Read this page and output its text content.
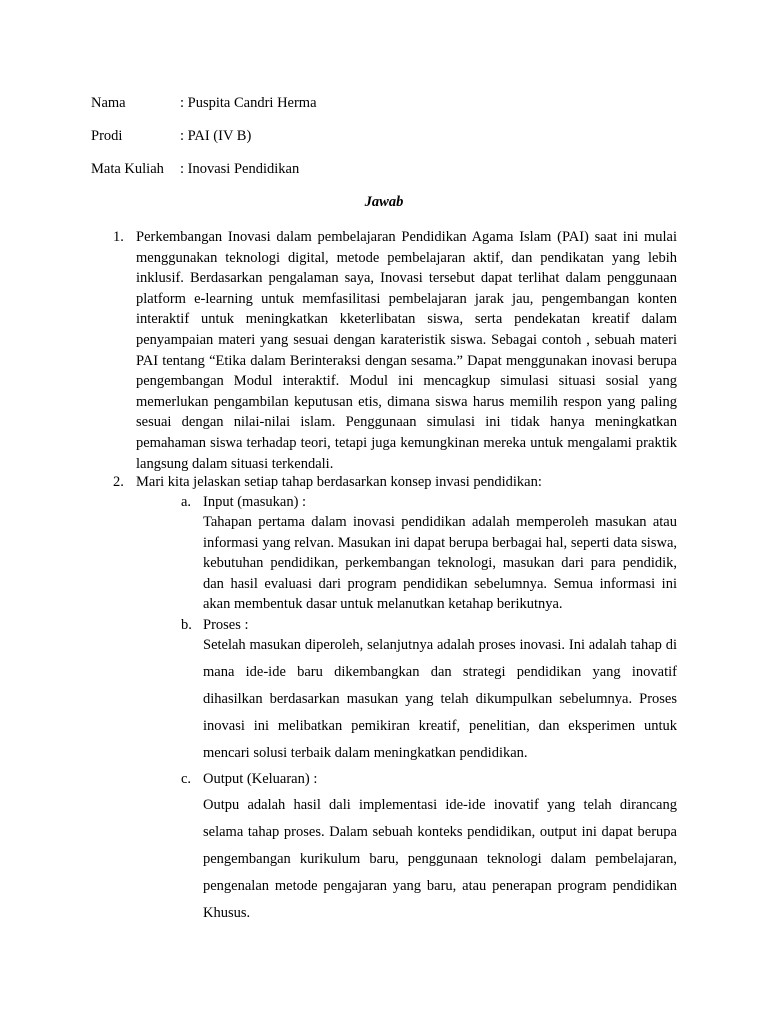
Nama	: Puspita Candri Herma
Prodi	: PAI (IV B)
Mata Kuliah : Inovasi Pendidikan
Jawab
1. Perkembangan Inovasi dalam pembelajaran Pendidikan Agama Islam (PAI) saat ini mulai menggunakan teknologi digital, metode pembelajaran aktif, dan pendikatan yang lebih inklusif. Berdasarkan pengalaman saya, Inovasi tersebut dapat terlihat dalam penggunaan platform e-learning untuk memfasilitasi pembelajaran jarak jau, pengembangan konten interaktif untuk meningkatkan kketerlibatan siswa, serta pendekatan kreatif dalam penyampaian materi yang sesuai dengan karateristik siswa. Sebagai contoh , sebuah materi PAI tentang “Etika dalam Berinteraksi dengan sesama.” Dapat menggunakan inovasi berupa pengembangan Modul interaktif. Modul ini mencagkup simulasi situasi sosial yang memerlukan pengambilan keputusan etis, dimana siswa harus memilih respon yang paling sesuai dengan nilai-nilai islam. Penggunaan simulasi ini tidak hanya meningkatkan pemahaman siswa terhadap teori, tetapi juga kemungkinan mereka untuk mengalami praktik langsung dalam situasi terkendali.
2. Mari kita jelaskan setiap tahap berdasarkan konsep invasi pendidikan:
a. Input (masukan) :
Tahapan pertama dalam inovasi pendidikan adalah memperoleh masukan atau informasi yang relvan. Masukan ini dapat berupa berbagai hal, seperti data siswa, kebutuhan pendidikan, perkembangan teknologi, masukan dari para pendidik, dan hasil evaluasi dari program pendidikan sebelumnya. Semua informasi ini akan membentuk dasar untuk melanutkan ketahap berikutnya.
b. Proses :
Setelah masukan diperoleh, selanjutnya adalah proses inovasi. Ini adalah tahap di mana ide-ide baru dikembangkan dan strategi pendidikan yang inovatif dihasilkan berdasarkan masukan yang telah dikumpulkan sebelumnya. Proses inovasi ini melibatkan pemikiran kreatif, penelitian, dan eksperimen untuk mencari solusi terbaik dalam meningkatkan pendidikan.
c. Output (Keluaran) :
Outpu adalah hasil dali implementasi ide-ide inovatif yang telah dirancang selama tahap proses. Dalam sebuah konteks pendidikan, output ini dapat berupa pengembangan kurikulum baru, penggunaan teknologi dalam pembelajaran, pengenalan metode pengajaran yang baru, atau penerapan program pendidikan Khusus.
